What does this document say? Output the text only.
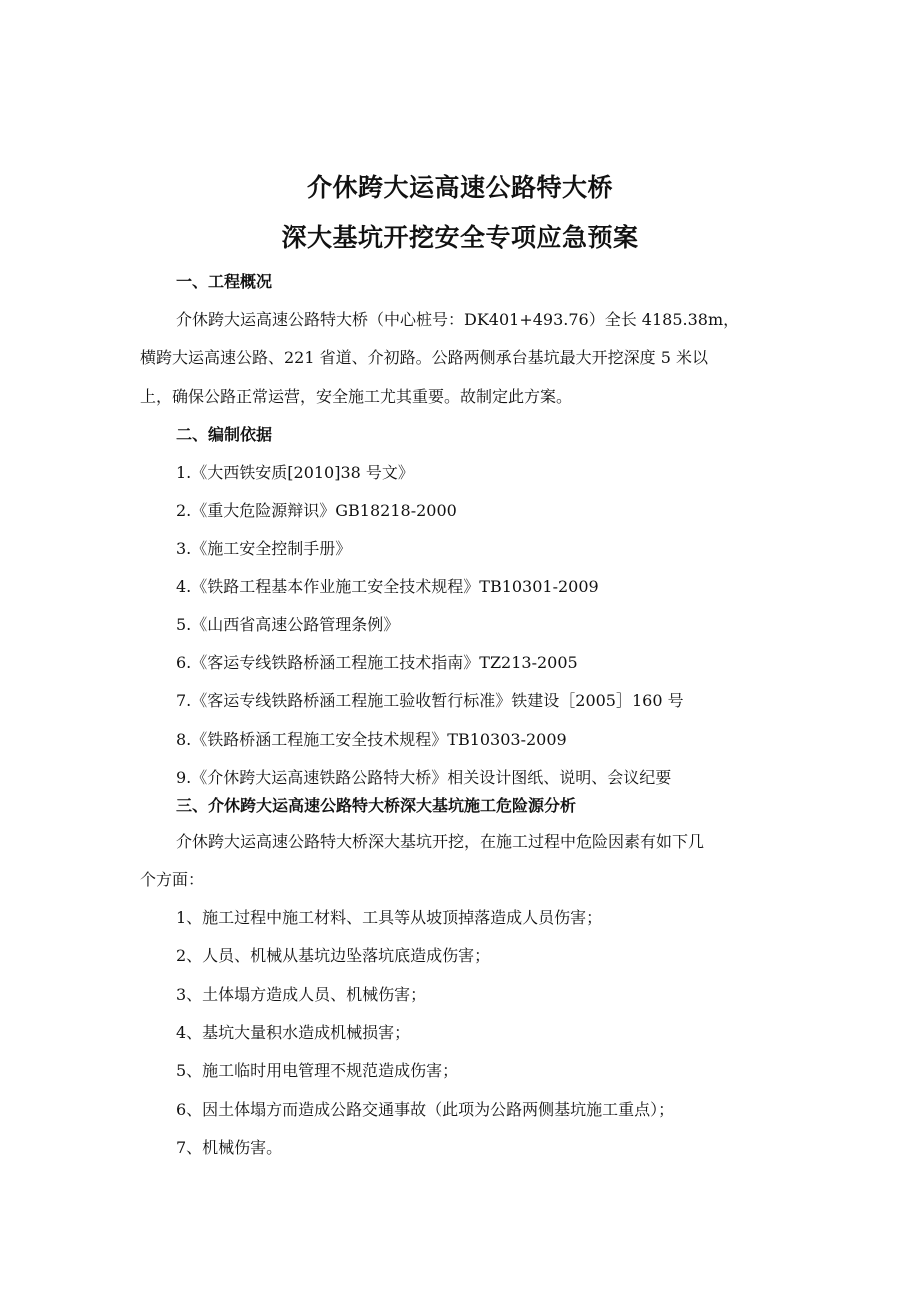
介休跨大运高速公路特大桥
深大基坑开挖安全专项应急预案
一、工程概况
介休跨大运高速公路特大桥（中心桩号：DK401+493.76）全长 4185.38m，
横跨大运高速公路、221 省道、介初路。公路两侧承台基坑最大开挖深度 5 米以
上，确保公路正常运营，安全施工尤其重要。故制定此方案。
二、编制依据
1.《大西铁安质[2010]38 号文》
2.《重大危险源辩识》GB18218-2000
3.《施工安全控制手册》
4.《铁路工程基本作业施工安全技术规程》TB10301-2009
5.《山西省高速公路管理条例》
6.《客运专线铁路桥涵工程施工技术指南》TZ213-2005
7.《客运专线铁路桥涵工程施工验收暂行标准》铁建设［2005］160 号
8.《铁路桥涵工程施工安全技术规程》TB10303-2009
9.《介休跨大运高速铁路公路特大桥》相关设计图纸、说明、会议纪要
三、介休跨大运高速公路特大桥深大基坑施工危险源分析
介休跨大运高速公路特大桥深大基坑开挖，在施工过程中危险因素有如下几
个方面：
1、施工过程中施工材料、工具等从坡顶掉落造成人员伤害；
2、人员、机械从基坑边坠落坑底造成伤害；
3、土体塌方造成人员、机械伤害；
4、基坑大量积水造成机械损害；
5、施工临时用电管理不规范造成伤害；
6、因土体塌方而造成公路交通事故（此项为公路两侧基坑施工重点）；
7、机械伤害。
